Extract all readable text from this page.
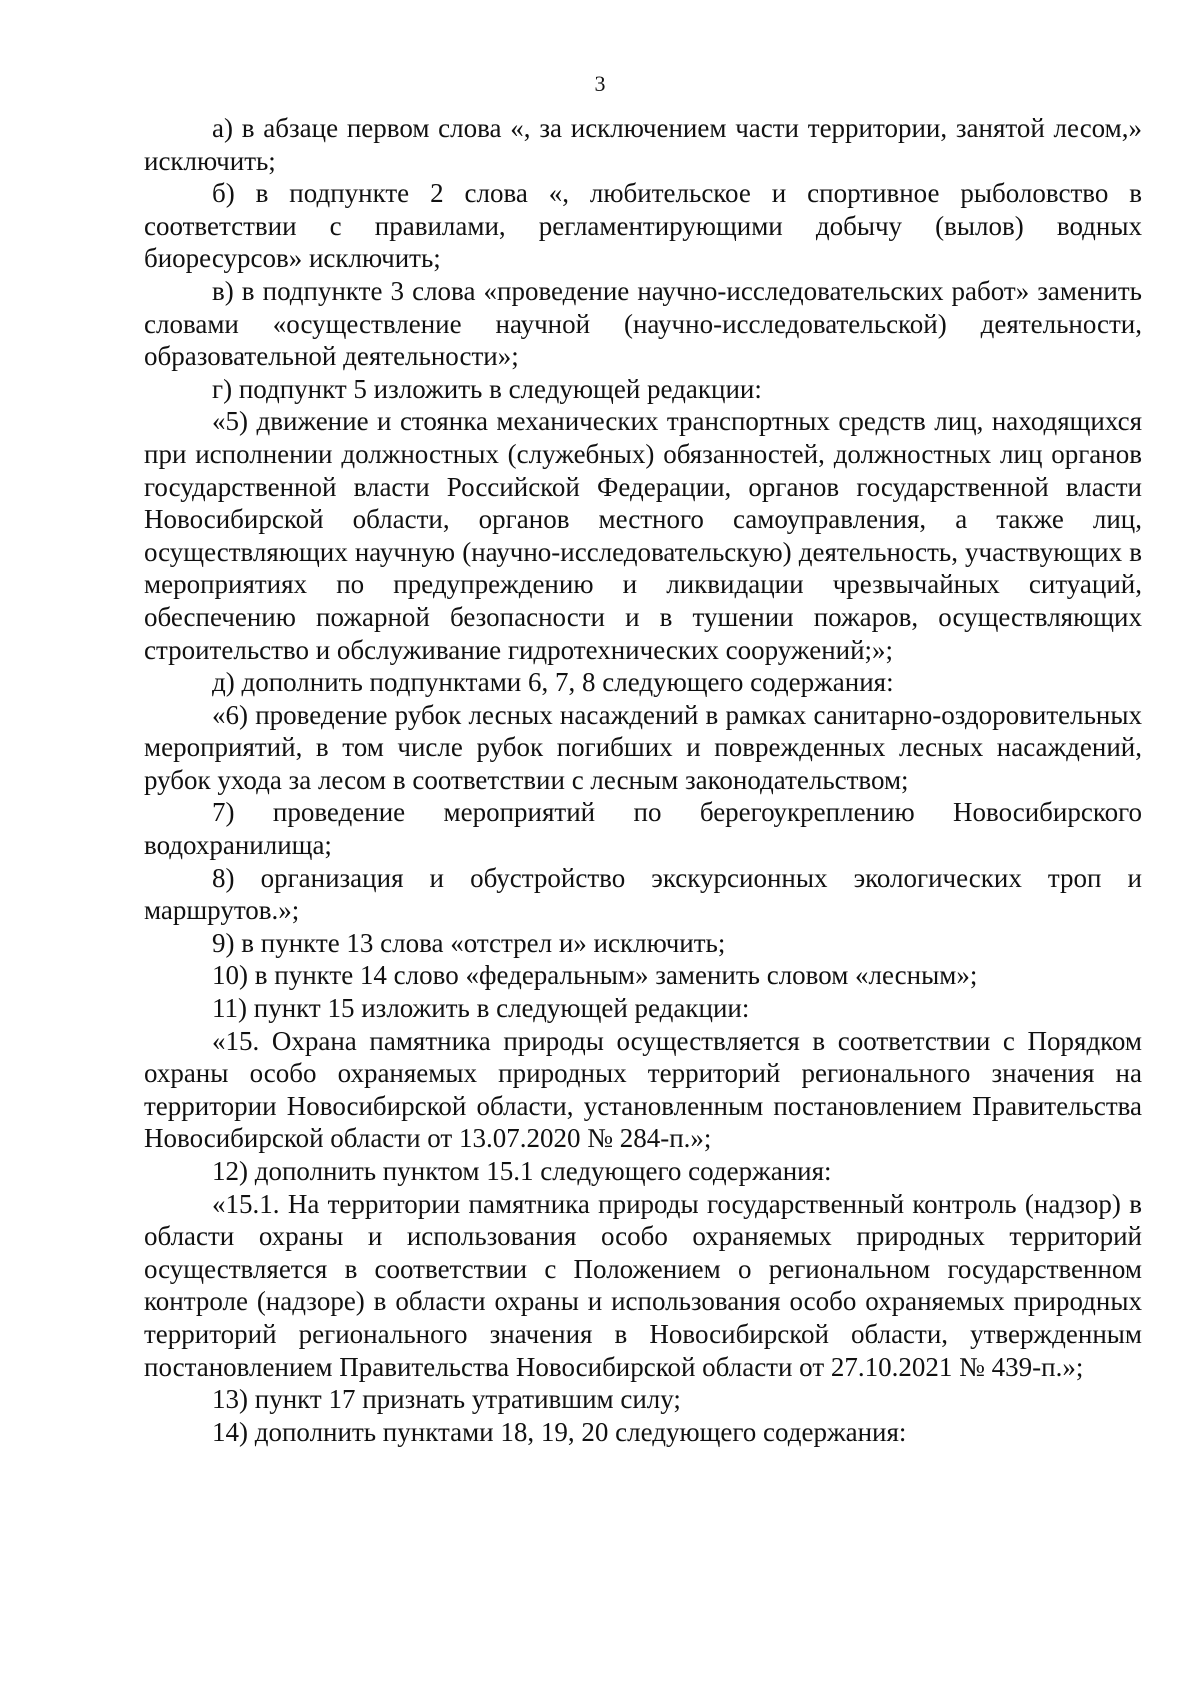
3

а) в абзаце первом слова «, за исключением части территории, занятой лесом,» исключить;

б) в подпункте 2 слова «, любительское и спортивное рыболовство в соответствии с правилами, регламентирующими добычу (вылов) водных биоресурсов» исключить;

в) в подпункте 3 слова «проведение научно-исследовательских работ» заменить словами «осуществление научной (научно-исследовательской) деятельности, образовательной деятельности»;

г) подпункт 5 изложить в следующей редакции:

«5) движение и стоянка механических транспортных средств лиц, находящихся при исполнении должностных (служебных) обязанностей, должностных лиц органов государственной власти Российской Федерации, органов государственной власти Новосибирской области, органов местного самоуправления, а также лиц, осуществляющих научную (научно-исследовательскую) деятельность, участвующих в мероприятиях по предупреждению и ликвидации чрезвычайных ситуаций, обеспечению пожарной безопасности и в тушении пожаров, осуществляющих строительство и обслуживание гидротехнических сооружений;»;

д) дополнить подпунктами 6, 7, 8 следующего содержания:

«6) проведение рубок лесных насаждений в рамках санитарно-оздоровительных мероприятий, в том числе рубок погибших и поврежденных лесных насаждений, рубок ухода за лесом в соответствии с лесным законодательством;

7) проведение мероприятий по берегоукреплению Новосибирского водохранилища;

8) организация и обустройство экскурсионных экологических троп и маршрутов.»;

9) в пункте 13 слова «отстрел и» исключить;

10) в пункте 14 слово «федеральным» заменить словом «лесным»;

11) пункт 15 изложить в следующей редакции:

«15. Охрана памятника природы осуществляется в соответствии с Порядком охраны особо охраняемых природных территорий регионального значения на территории Новосибирской области, установленным постановлением Правительства Новосибирской области от 13.07.2020 № 284-п.»;

12) дополнить пунктом 15.1 следующего содержания:

«15.1. На территории памятника природы государственный контроль (надзор) в области охраны и использования особо охраняемых природных территорий осуществляется в соответствии с Положением о региональном государственном контроле (надзоре) в области охраны и использования особо охраняемых природных территорий регионального значения в Новосибирской области, утвержденным постановлением Правительства Новосибирской области от 27.10.2021 № 439-п.»;

13) пункт 17 признать утратившим силу;

14) дополнить пунктами 18, 19, 20 следующего содержания:
